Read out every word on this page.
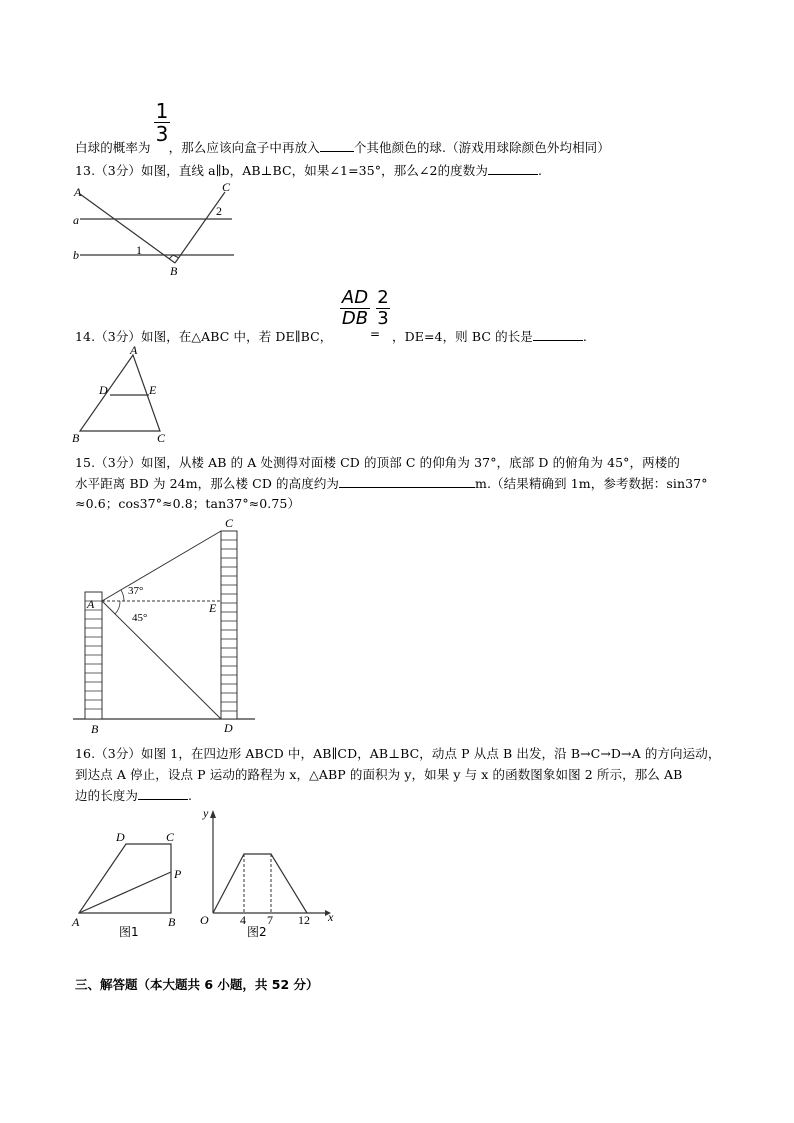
1
3
白球的概率为 ，那么应该向盒子中再放入	个其他颜色的球.（游戏用球除颜色外均相同）
13.（3分）如图，直线 a∥b，AB⊥BC，如果∠1=35°，那么∠2的度数为	.
A	C
a
b	1
2
B
AD
DB
=
2
3
14.（3分）如图，在△ABC 中，若 DE∥BC，	，DE=4，则 BC 的长是	.
A
D	E
B	C
15.（3分）如图，从楼 AB 的 A 处测得对面楼 CD 的顶部 C 的仰角为 37°，底部 D 的俯角为 45°，两楼的
水平距离 BD 为 24m，那么楼 CD 的高度约为	m.（结果精确到 1m，参考数据：sin37°
≈0.6；cos37°≈0.8；tan37°≈0.75）
C
A	E
B	D
37°
45°
16.（3分）如图 1，在四边形 ABCD 中，AB∥CD，AB⊥BC，动点 P 从点 B 出发，沿 B→C→D→A 的方向运动，
到达点 A 停止，设点 P 运动的路程为 x，△ABP 的面积为 y，如果 y 与 x 的函数图象如图 2 所示，那么 AB
边的长度为	.
D	C
P
A	B
图1
y
x
O	4 7 12
图2
三、解答题（本大题共 6 小题，共 52 分）
